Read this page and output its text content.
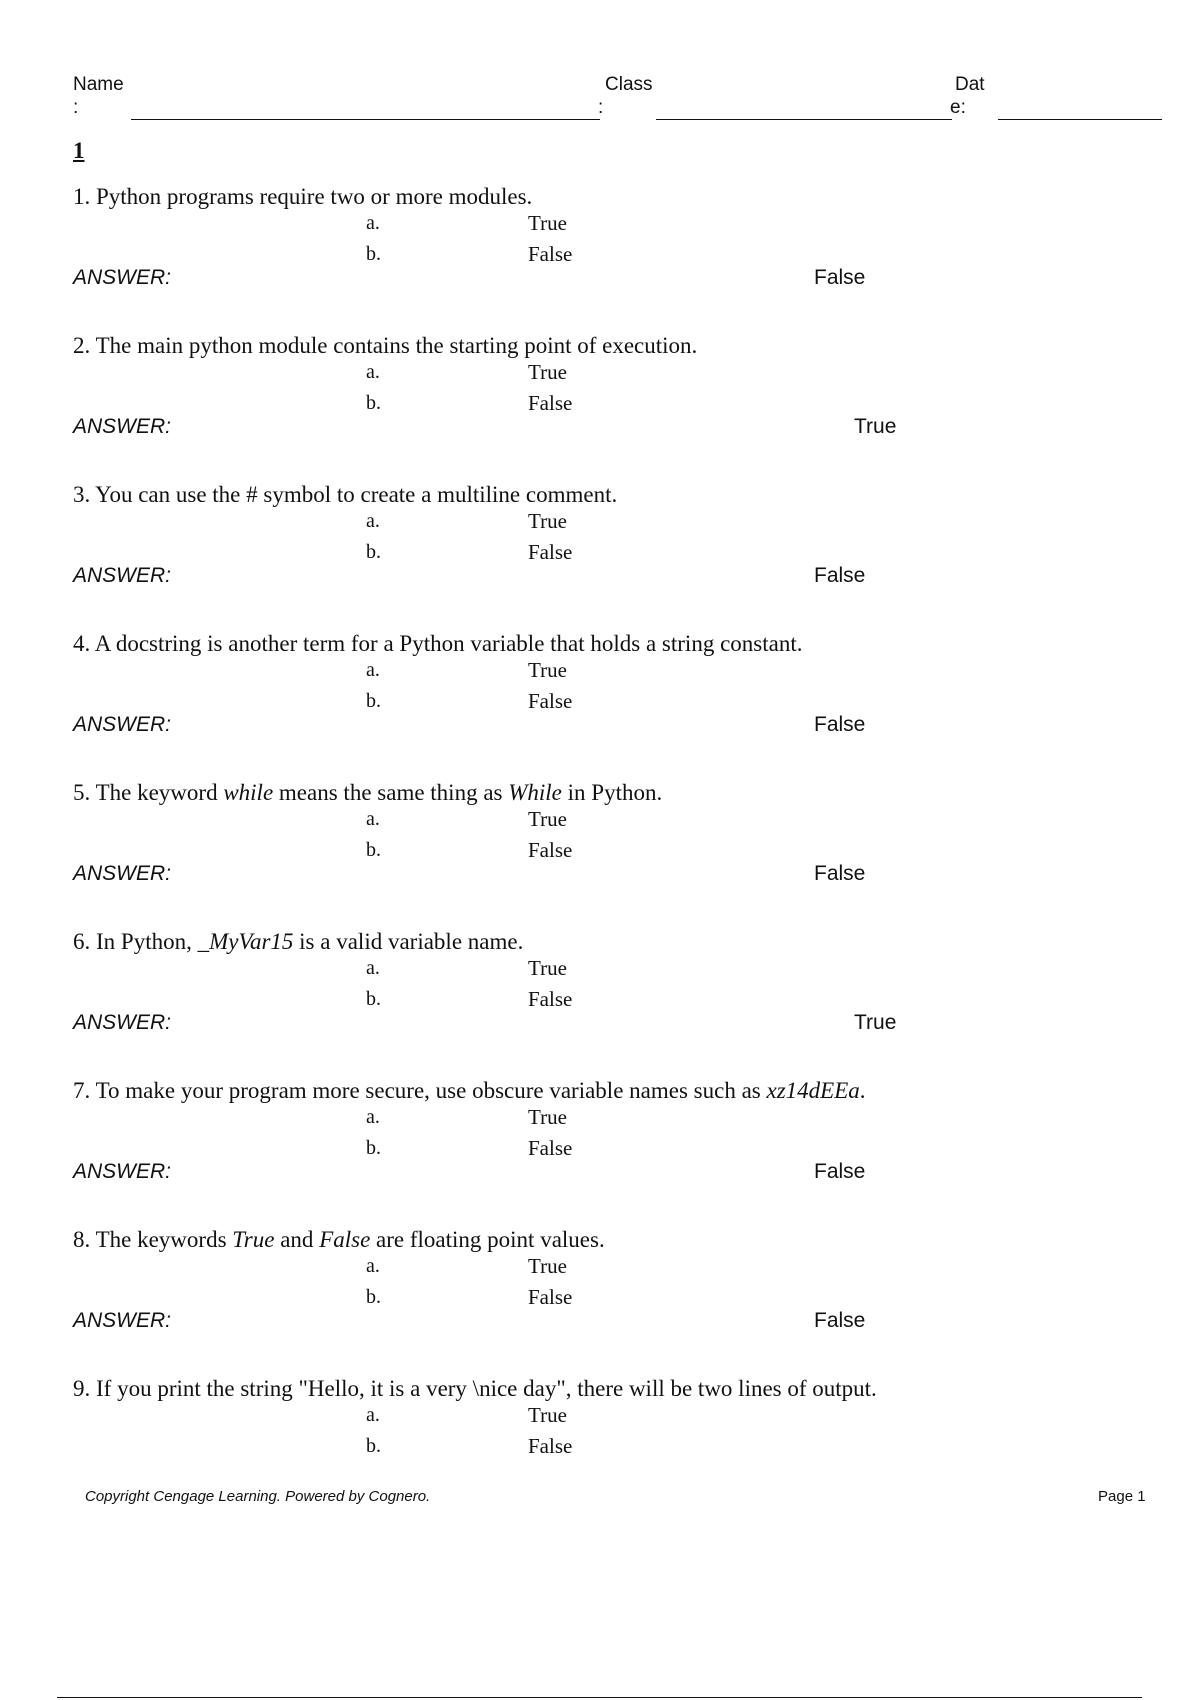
Name
:
Class
:
Dat
e:
1
1. Python programs require two or more modules.
a.	True
b.	False
ANSWER:	False
2. The main python module contains the starting point of execution.
a.	True
b.	False
ANSWER:	True
3. You can use the # symbol to create a multiline comment.
a.	True
b.	False
ANSWER:	False
4. A docstring is another term for a Python variable that holds a string constant.
a.	True
b.	False
ANSWER:	False
5. The keyword while means the same thing as While in Python.
a.	True
b.	False
ANSWER:	False
6. In Python, _MyVar15 is a valid variable name.
a.	True
b.	False
ANSWER:	True
7. To make your program more secure, use obscure variable names such as xz14dEEa.
a.	True
b.	False
ANSWER:	False
8. The keywords True and False are floating point values.
a.	True
b.	False
ANSWER:	False
9. If you print the string "Hello, it is a very \nice day", there will be two lines of output.
a.	True
b.	False
Copyright Cengage Learning. Powered by Cognero.	Page 1
